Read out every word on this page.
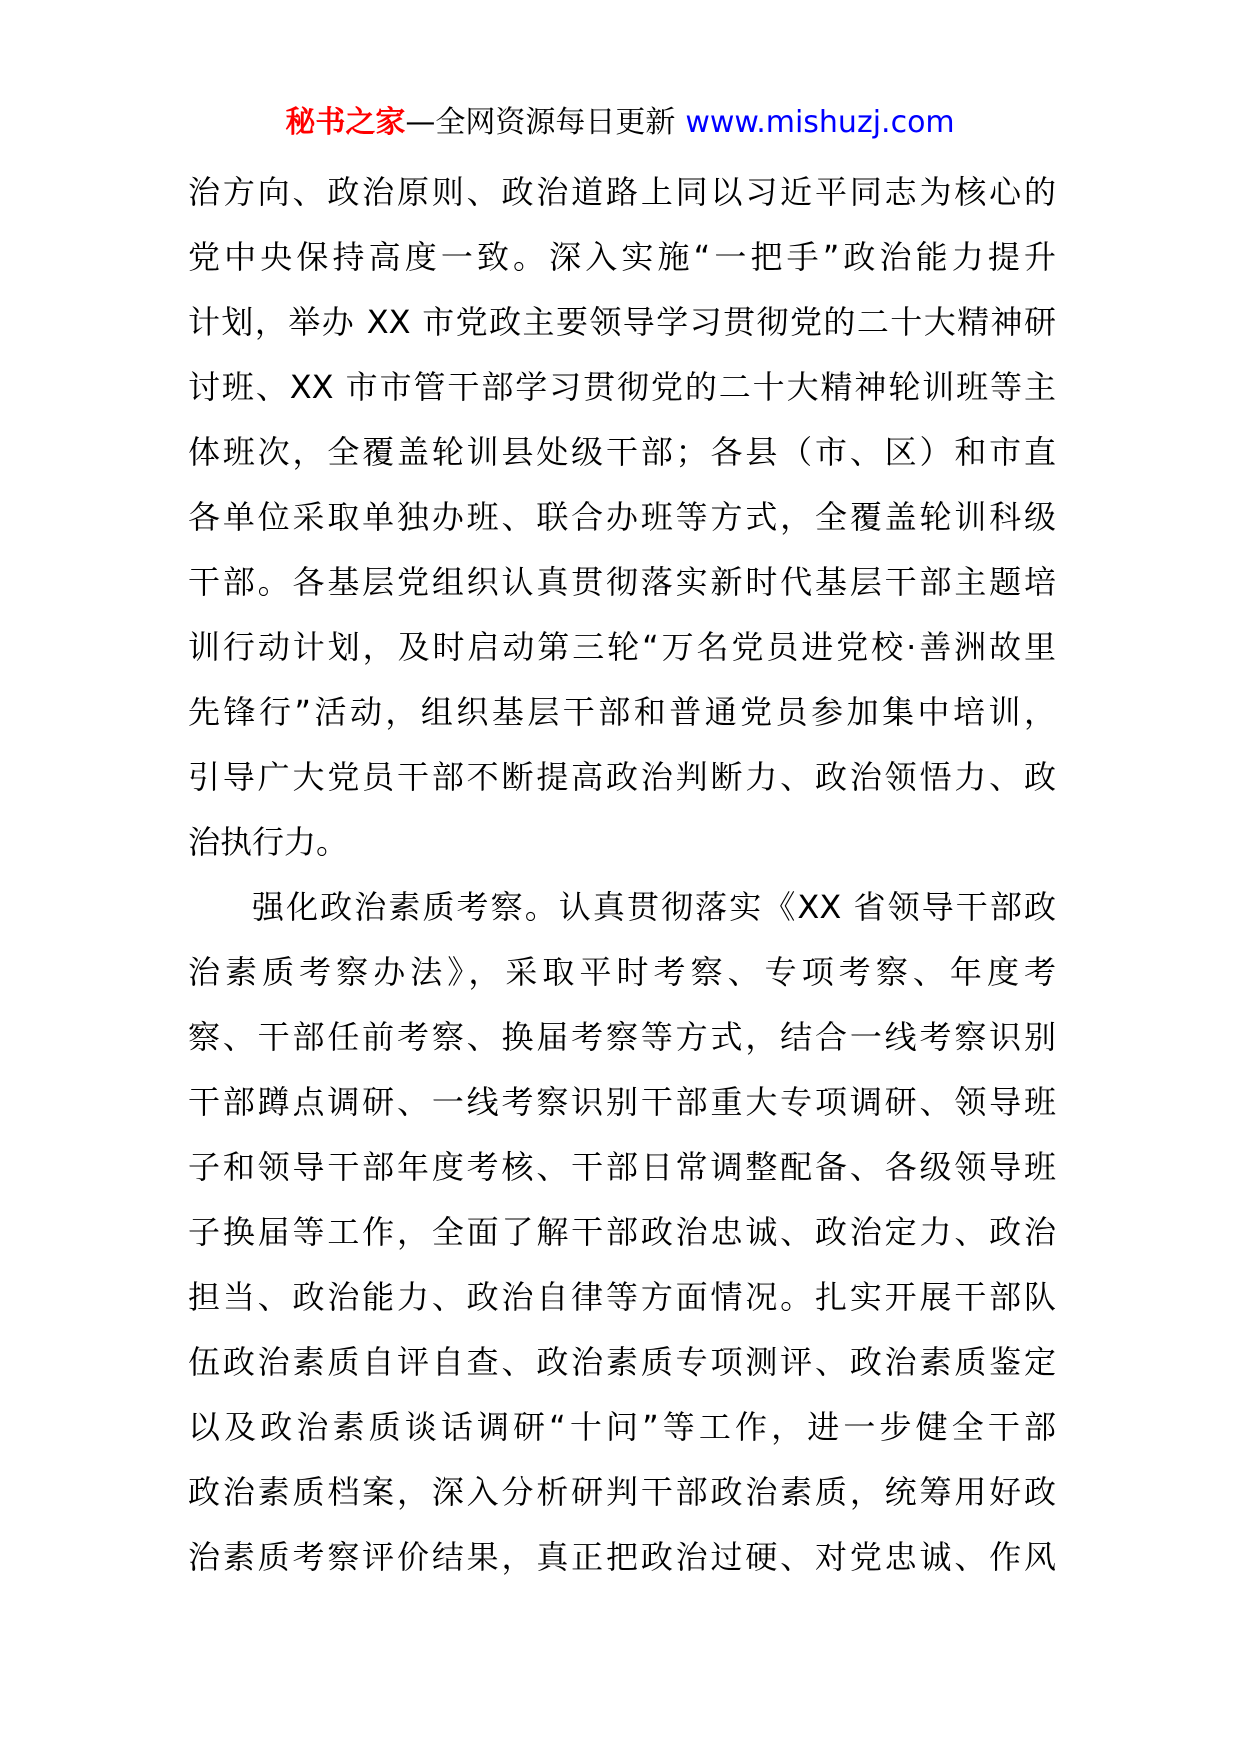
秘书之家—全网资源每日更新 www.mishuzj.com
治方向、政治原则、政治道路上同以习近平同志为核心的
党中央保持高度一致。深入实施“一把手”政治能力提升
计划，举办 XX 市党政主要领导学习贯彻党的二十大精神研
讨班、XX 市市管干部学习贯彻党的二十大精神轮训班等主
体班次，全覆盖轮训县处级干部；各县（市、区）和市直
各单位采取单独办班、联合办班等方式，全覆盖轮训科级
干部。各基层党组织认真贯彻落实新时代基层干部主题培
训行动计划，及时启动第三轮“万名党员进党校·善洲故里
先锋行”活动，组织基层干部和普通党员参加集中培训，
引导广大党员干部不断提高政治判断力、政治领悟力、政
治执行力。
强化政治素质考察。认真贯彻落实《XX 省领导干部政
治素质考察办法》，采取平时考察、专项考察、年度考
察、干部任前考察、换届考察等方式，结合一线考察识别
干部蹲点调研、一线考察识别干部重大专项调研、领导班
子和领导干部年度考核、干部日常调整配备、各级领导班
子换届等工作，全面了解干部政治忠诚、政治定力、政治
担当、政治能力、政治自律等方面情况。扎实开展干部队
伍政治素质自评自查、政治素质专项测评、政治素质鉴定
以及政治素质谈话调研“十问”等工作，进一步健全干部
政治素质档案，深入分析研判干部政治素质，统筹用好政
治素质考察评价结果，真正把政治过硬、对党忠诚、作风
